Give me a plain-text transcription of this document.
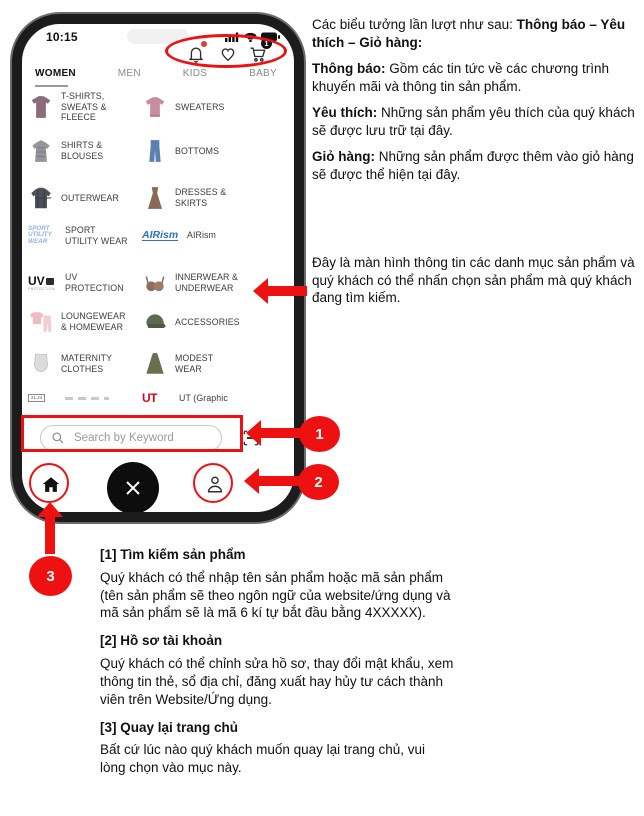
10:15	1
WOMEN	MEN	KIDS	BABY
T-SHIRTS, SWEATS & FLEECE
SWEATERS
SHIRTS & BLOUSES
BOTTOMS
OUTERWEAR
DRESSES & SKIRTS
SPORT
UTILITY
WEAR
SPORT UTILITY WEAR	AIRism AIRism
UV
PROTECTION
UV PROTECTION
INNERWEAR & UNDERWEAR
LOUNGEWEAR & HOMEWEAR
ACCESSORIES
MATERNITY CLOTHES
MODEST WEAR
21.24	UT	UT (Graphic
Search by Keyword
1
2
3

Các biểu tưởng lần lượt như sau: Thông báo – Yêu thích – Giỏ hàng:

Thông báo: Gồm các tin tức về các chương trình khuyến mãi và thông tin sản phẩm.

Yêu thích: Những sản phẩm yêu thích của quý khách sẽ được lưu trữ tại đây.

Giỏ hàng: Những sản phẩm được thêm vào giỏ hàng sẽ được thể hiện tại đây.

Đây là màn hình thông tin các danh mục sản phẩm và quý khách có thể nhấn chọn sản phẩm mà quý khách đang tìm kiếm.
[1] Tìm kiếm sản phẩm

Quý khách có thể nhập tên sản phẩm hoặc mã sản phẩm (tên sản phẩm sẽ theo ngôn ngữ của website/ứng dụng và mã sản phẩm sẽ là mã 6 kí tự bắt đầu bằng 4XXXXX).

[2] Hồ sơ tài khoản

Quý khách có thể chỉnh sửa hồ sơ, thay đổi mật khẩu, xem thông tin thẻ, sổ địa chỉ, đăng xuất hay hủy tư cách thành viên trên Website/Ứng dụng.

[3] Quay lại trang chủ

Bất cứ lúc nào quý khách muốn quay lại trang chủ, vui lòng chọn vào mục này.
